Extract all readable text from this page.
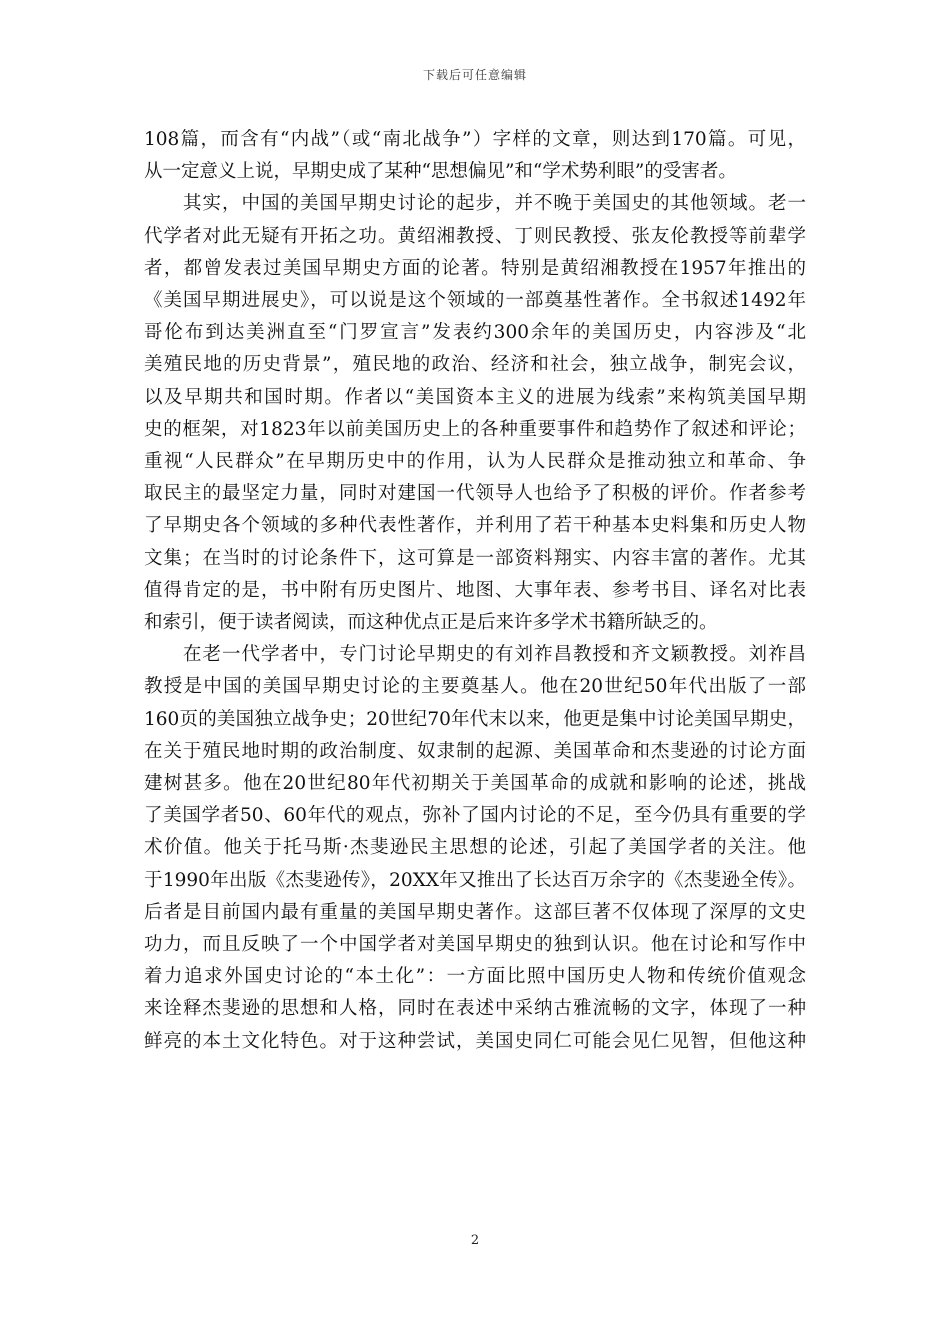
下载后可任意编辑
108篇，而含有“内战”（或“南北战争”）字样的文章，则达到170篇。可见，
从一定意义上说，早期史成了某种“思想偏见”和“学术势利眼”的受害者。
　　其实，中国的美国早期史讨论的起步，并不晚于美国史的其他领域。老一
代学者对此无疑有开拓之功。黄绍湘教授、丁则民教授、张友伦教授等前辈学
者，都曾发表过美国早期史方面的论著。特别是黄绍湘教授在1957年推出的
《美国早期进展史》，可以说是这个领域的一部奠基性著作。全书叙述1492年
哥伦布到达美洲直至“门罗宣言”发表约300余年的美国历史，内容涉及“北
美殖民地的历史背景”，殖民地的政治、经济和社会，独立战争，制宪会议，
以及早期共和国时期。作者以“美国资本主义的进展为线索”来构筑美国早期
史的框架，对1823年以前美国历史上的各种重要事件和趋势作了叙述和评论；
重视“人民群众”在早期历史中的作用，认为人民群众是推动独立和革命、争
取民主的最坚定力量，同时对建国一代领导人也给予了积极的评价。作者参考
了早期史各个领域的多种代表性著作，并利用了若干种基本史料集和历史人物
文集；在当时的讨论条件下，这可算是一部资料翔实、内容丰富的著作。尤其
值得肯定的是，书中附有历史图片、地图、大事年表、参考书目、译名对比表
和索引，便于读者阅读，而这种优点正是后来许多学术书籍所缺乏的。
　　在老一代学者中，专门讨论早期史的有刘祚昌教授和齐文颖教授。刘祚昌
教授是中国的美国早期史讨论的主要奠基人。他在20世纪50年代出版了一部
160页的美国独立战争史；20世纪70年代末以来，他更是集中讨论美国早期史，
在关于殖民地时期的政治制度、奴隶制的起源、美国革命和杰斐逊的讨论方面
建树甚多。他在20世纪80年代初期关于美国革命的成就和影响的论述，挑战
了美国学者50、60年代的观点，弥补了国内讨论的不足，至今仍具有重要的学
术价值。他关于托马斯·杰斐逊民主思想的论述，引起了美国学者的关注。他
于1990年出版《杰斐逊传》，20XX年又推出了长达百万余字的《杰斐逊全传》。
后者是目前国内最有重量的美国早期史著作。这部巨著不仅体现了深厚的文史
功力，而且反映了一个中国学者对美国早期史的独到认识。他在讨论和写作中
着力追求外国史讨论的“本土化”：一方面比照中国历史人物和传统价值观念
来诠释杰斐逊的思想和人格，同时在表述中采纳古雅流畅的文字，体现了一种
鲜亮的本土文化特色。对于这种尝试，美国史同仁可能会见仁见智，但他这种
2
